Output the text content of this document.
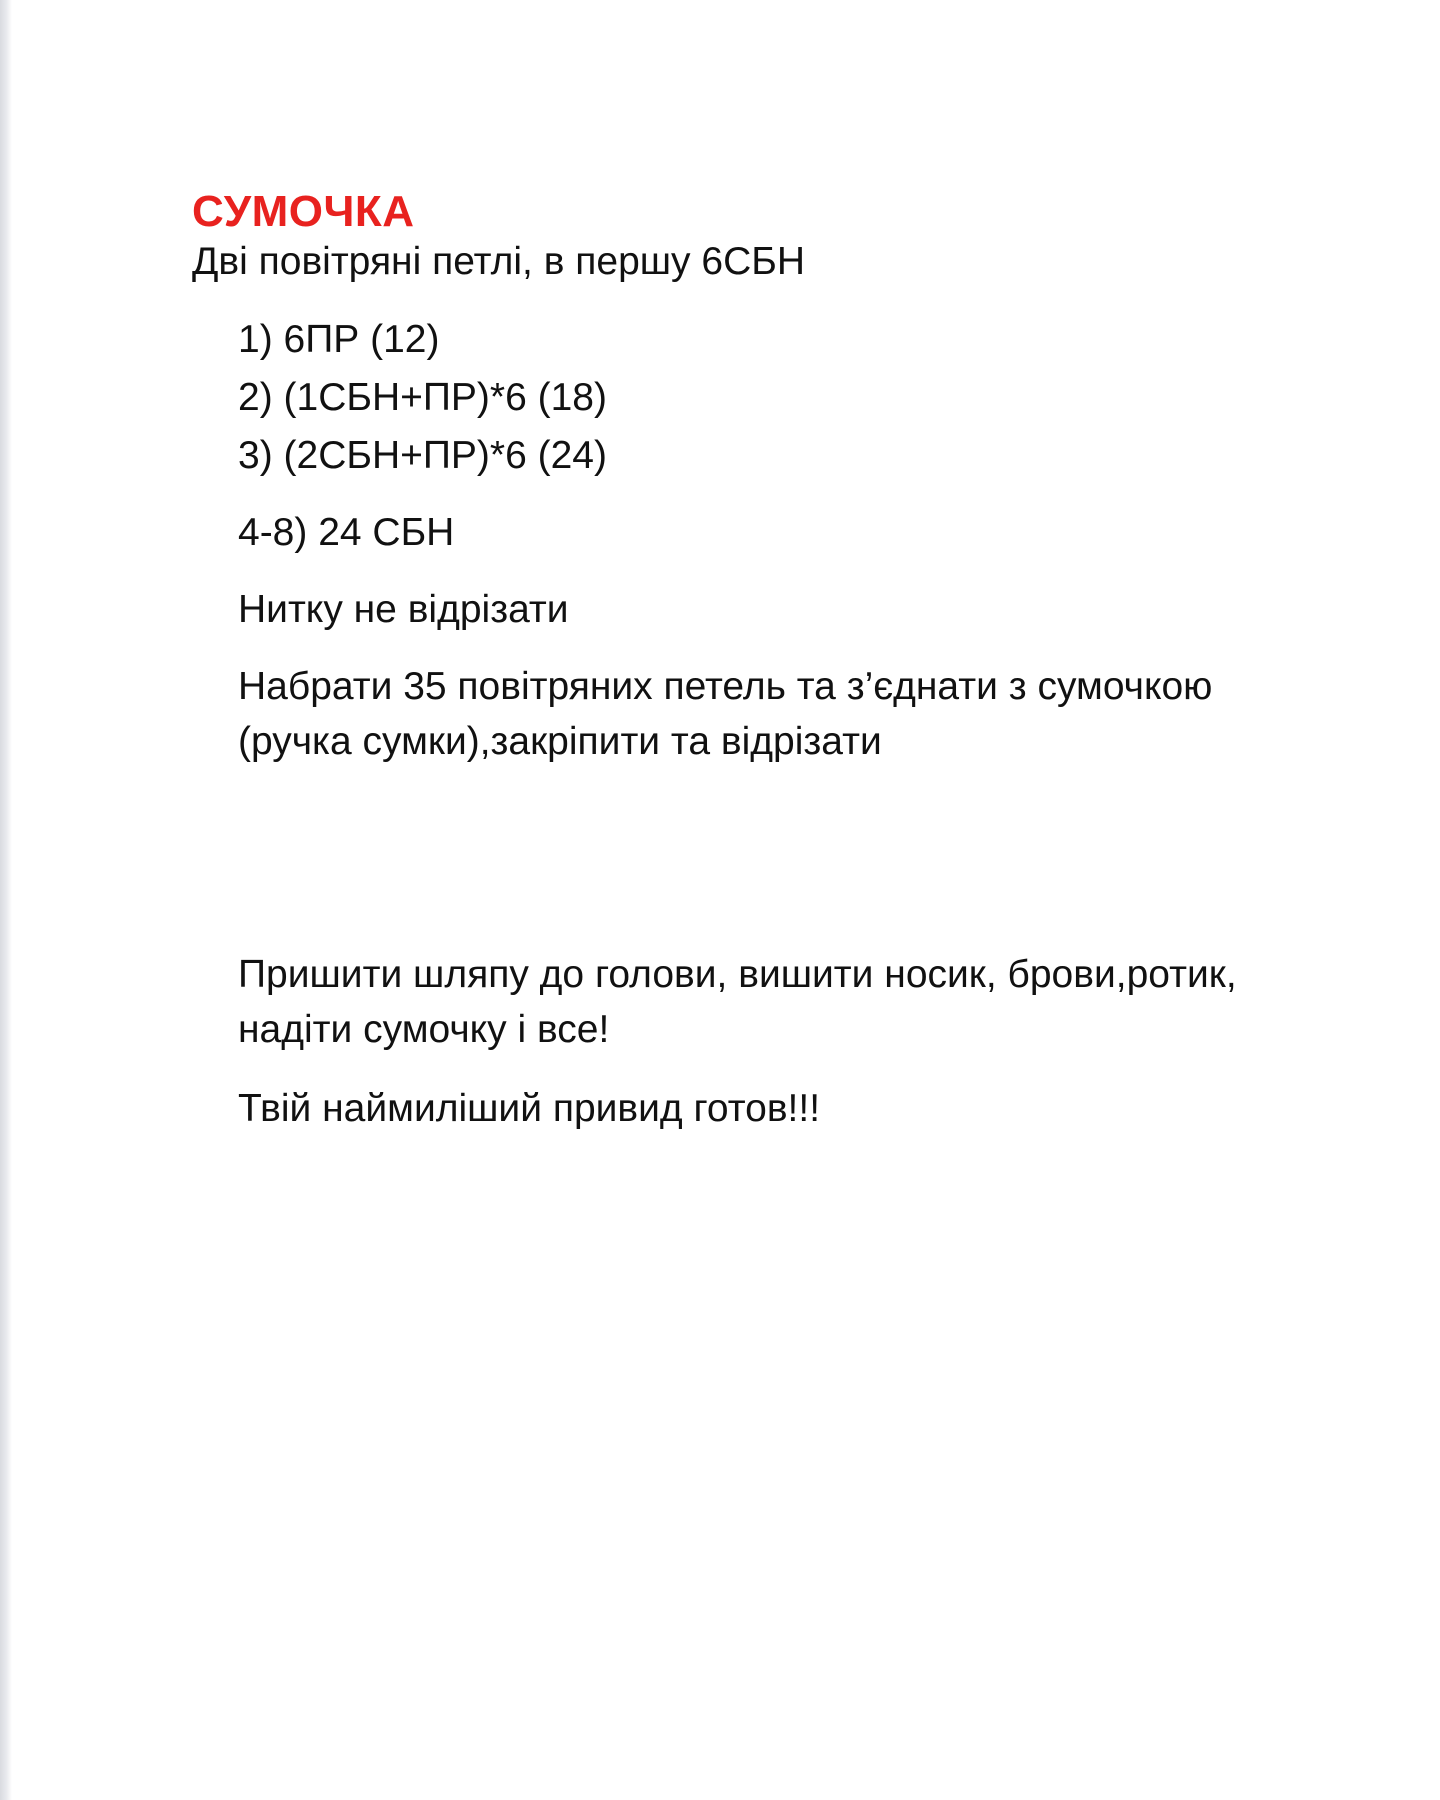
СУМОЧКА
Дві повітряні петлі, в першу 6СБН
1) 6ПР (12)
2) (1СБН+ПР)*6 (18)
3) (2СБН+ПР)*6 (24)
4-8) 24 СБН
Нитку не відрізати
Набрати 35 повітряних петель та з’єднати з сумочкою
(ручка сумки),закріпити та відрізати
Пришити шляпу до голови, вишити носик, брови,ротик,
надіти сумочку і все!
Твій наймиліший привид готов!!!
